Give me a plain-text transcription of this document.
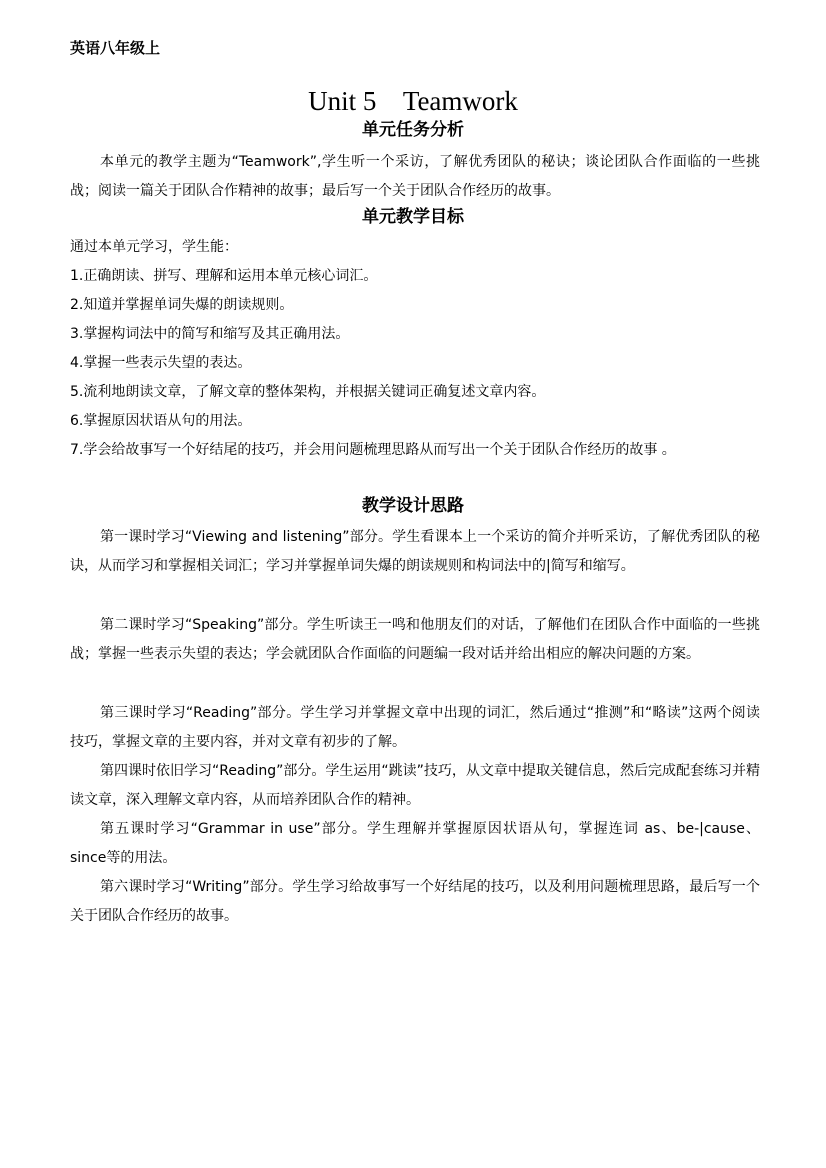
英语八年级上
Unit 5    Teamwork
单元任务分析
本单元的教学主题为“Teamwork”,学生听一个采访，了解优秀团队的秘诀；谈论团队合作面临的一些挑战；阅读一篇关于团队合作精神的故事；最后写一个关于团队合作经历的故事。
单元教学目标
通过本单元学习，学生能：
1.正确朗读、拼写、理解和运用本单元核心词汇。
2.知道并掌握单词失爆的朗读规则。
3.掌握构词法中的简写和缩写及其正确用法。
4.掌握一些表示失望的表达。
5.流利地朗读文章，了解文章的整体架构，并根据关键词正确复述文章内容。
6.掌握原因状语从句的用法。
7.学会给故事写一个好结尾的技巧，并会用问题梳理思路从而写出一个关于团队合作经历的故事 。
教学设计思路
第一课时学习“Viewing and listening”部分。学生看课本上一个采访的简介并听采访，了解优秀团队的秘诀，从而学习和掌握相关词汇；学习并掌握单词失爆的朗读规则和构词法中的|简写和缩写。
第二课时学习“Speaking”部分。学生听读王一鸣和他朋友们的对话，了解他们在团队合作中面临的一些挑战；掌握一些表示失望的表达；学会就团队合作面临的问题编一段对话并给出相应的解决问题的方案。
第三课时学习“Reading”部分。学生学习并掌握文章中出现的词汇，然后通过“推测”和“略读”这两个阅读技巧，掌握文章的主要内容，并对文章有初步的了解。
第四课时依旧学习“Reading”部分。学生运用“跳读”技巧，从文章中提取关键信息，然后完成配套练习并精读文章，深入理解文章内容，从而培养团队合作的精神。
第五课时学习“Grammar in use”部分。学生理解并掌握原因状语从句，掌握连词 as、be-|cause、 since等的用法。
第六课时学习“Writing”部分。学生学习给故事写一个好结尾的技巧，以及利用问题梳理思路，最后写一个关于团队合作经历的故事。
